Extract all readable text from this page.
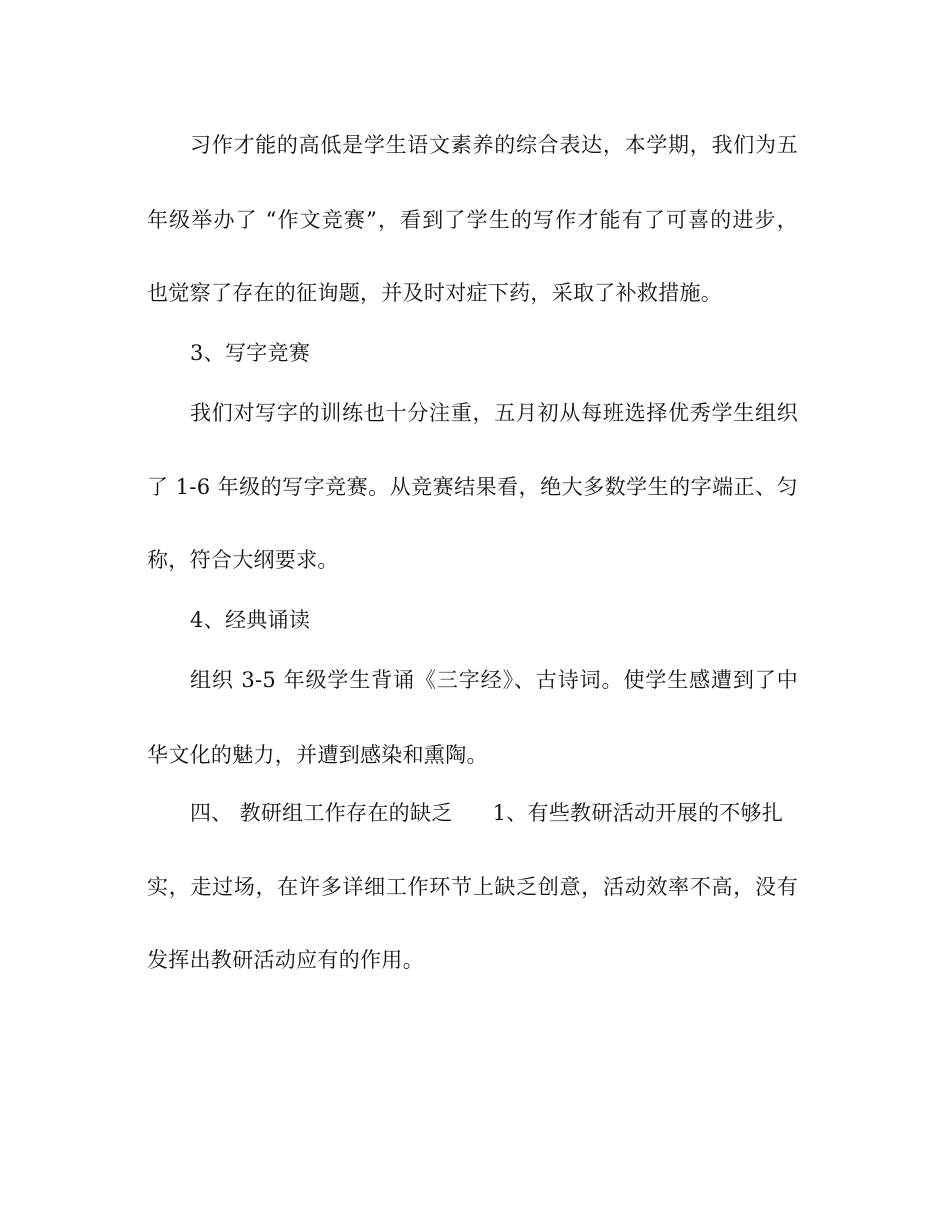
习作才能的高低是学生语文素养的综合表达，本学期，我们为五
年级举办了 “作文竞赛”，看到了学生的写作才能有了可喜的进步，
也觉察了存在的征询题，并及时对症下药，采取了补救措施。
3、写字竞赛
我们对写字的训练也十分注重，五月初从每班选择优秀学生组织
了 1-6 年级的写字竞赛。从竞赛结果看，绝大多数学生的字端正、匀
称，符合大纲要求。
4、经典诵读
组织 3-5 年级学生背诵《三字经》、古诗词。使学生感遭到了中
华文化的魅力，并遭到感染和熏陶。
四、 教研组工作存在的缺乏 1、有些教研活动开展的不够扎
实，走过场，在许多详细工作环节上缺乏创意，活动效率不高，没有
发挥出教研活动应有的作用。
